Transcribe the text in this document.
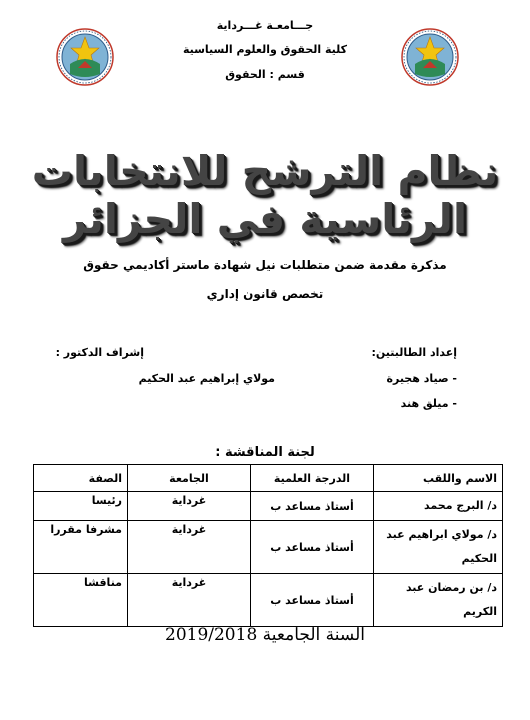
جـــامعـة غـــرداية
كلية الحقوق والعلوم السياسية
قسم : الحقوق
نظام الترشح للانتخابات الرئاسية في الجزائر
مذكرة مقدمة ضمن متطلبات نيل شهادة ماستر أكاديمي حقوق
تخصص قانون إداري
إعداد الطالبتين:
- صياد هجيرة
- ميلق هند
إشراف الدكتور :
مولاي إبراهيم عبد الحكيم
لجنة المناقشة :
الاسم واللقب	الدرجة العلمية	الجامعة	الصفة
د/ البرج محمد	أستاذ مساعد ب	غرداية	رئيسا
د/ مولاي ابراهيم عبد الحكيم	أستاذ مساعد ب	غرداية	مشرفا مقررا
د/ بن رمضان عبد الكريم	أستاذ مساعد ب	غرداية	مناقشا
السنة الجامعية 2019/2018
